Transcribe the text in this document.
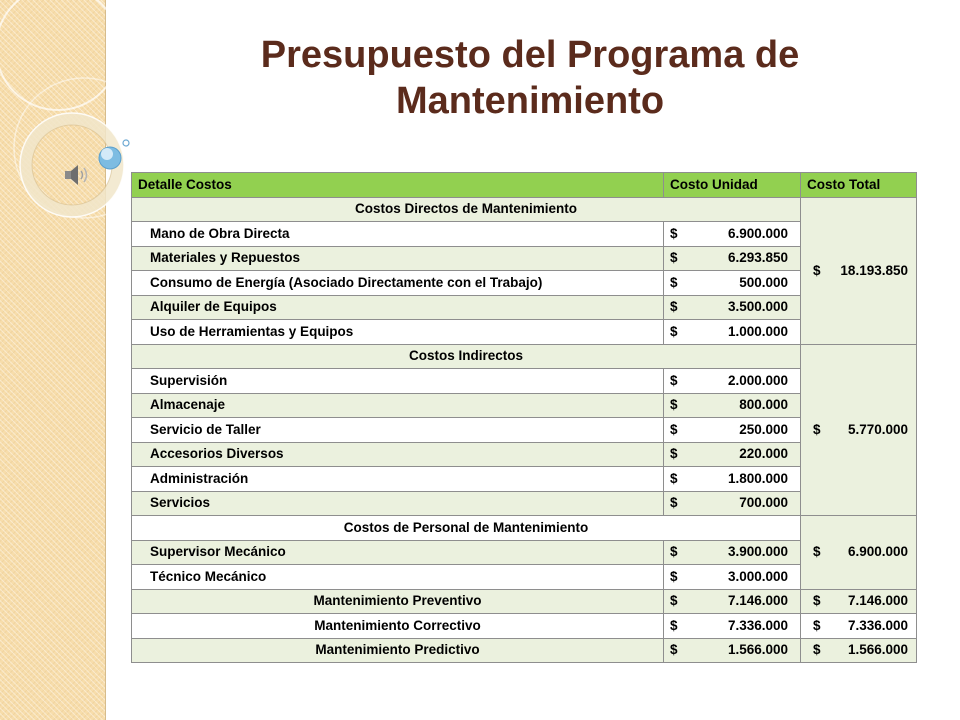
Presupuesto del Programa de
Mantenimiento
Detalle Costos	Costo Unidad	Costo Total
Costos Directos de Mantenimiento		$ 18.193.850

Mano de Obra Directa	$ 6.900.000	

Materiales y Repuestos	$ 6.293.850	

Consumo de Energía (Asociado Directamente con el Trabajo)	$ 500.000	

Alquiler de Equipos	$ 3.500.000	

Uso de Herramientas y Equipos	$ 1.000.000	

Costos Indirectos		$ 5.770.000

Supervisión	$ 2.000.000	

Almacenaje	$ 800.000	

Servicio de Taller	$ 250.000	

Accesorios Diversos	$ 220.000	

Administración	$ 1.800.000	

Servicios	$ 700.000	

Costos de Personal de Mantenimiento		$ 6.900.000

Supervisor Mecánico	$ 3.900.000	

Técnico Mecánico	$ 3.000.000	

Mantenimiento Preventivo	$ 7.146.000	$ 7.146.000

Mantenimiento Correctivo	$ 7.336.000	$ 7.336.000

Mantenimiento Predictivo	$ 1.566.000	$ 1.566.000
